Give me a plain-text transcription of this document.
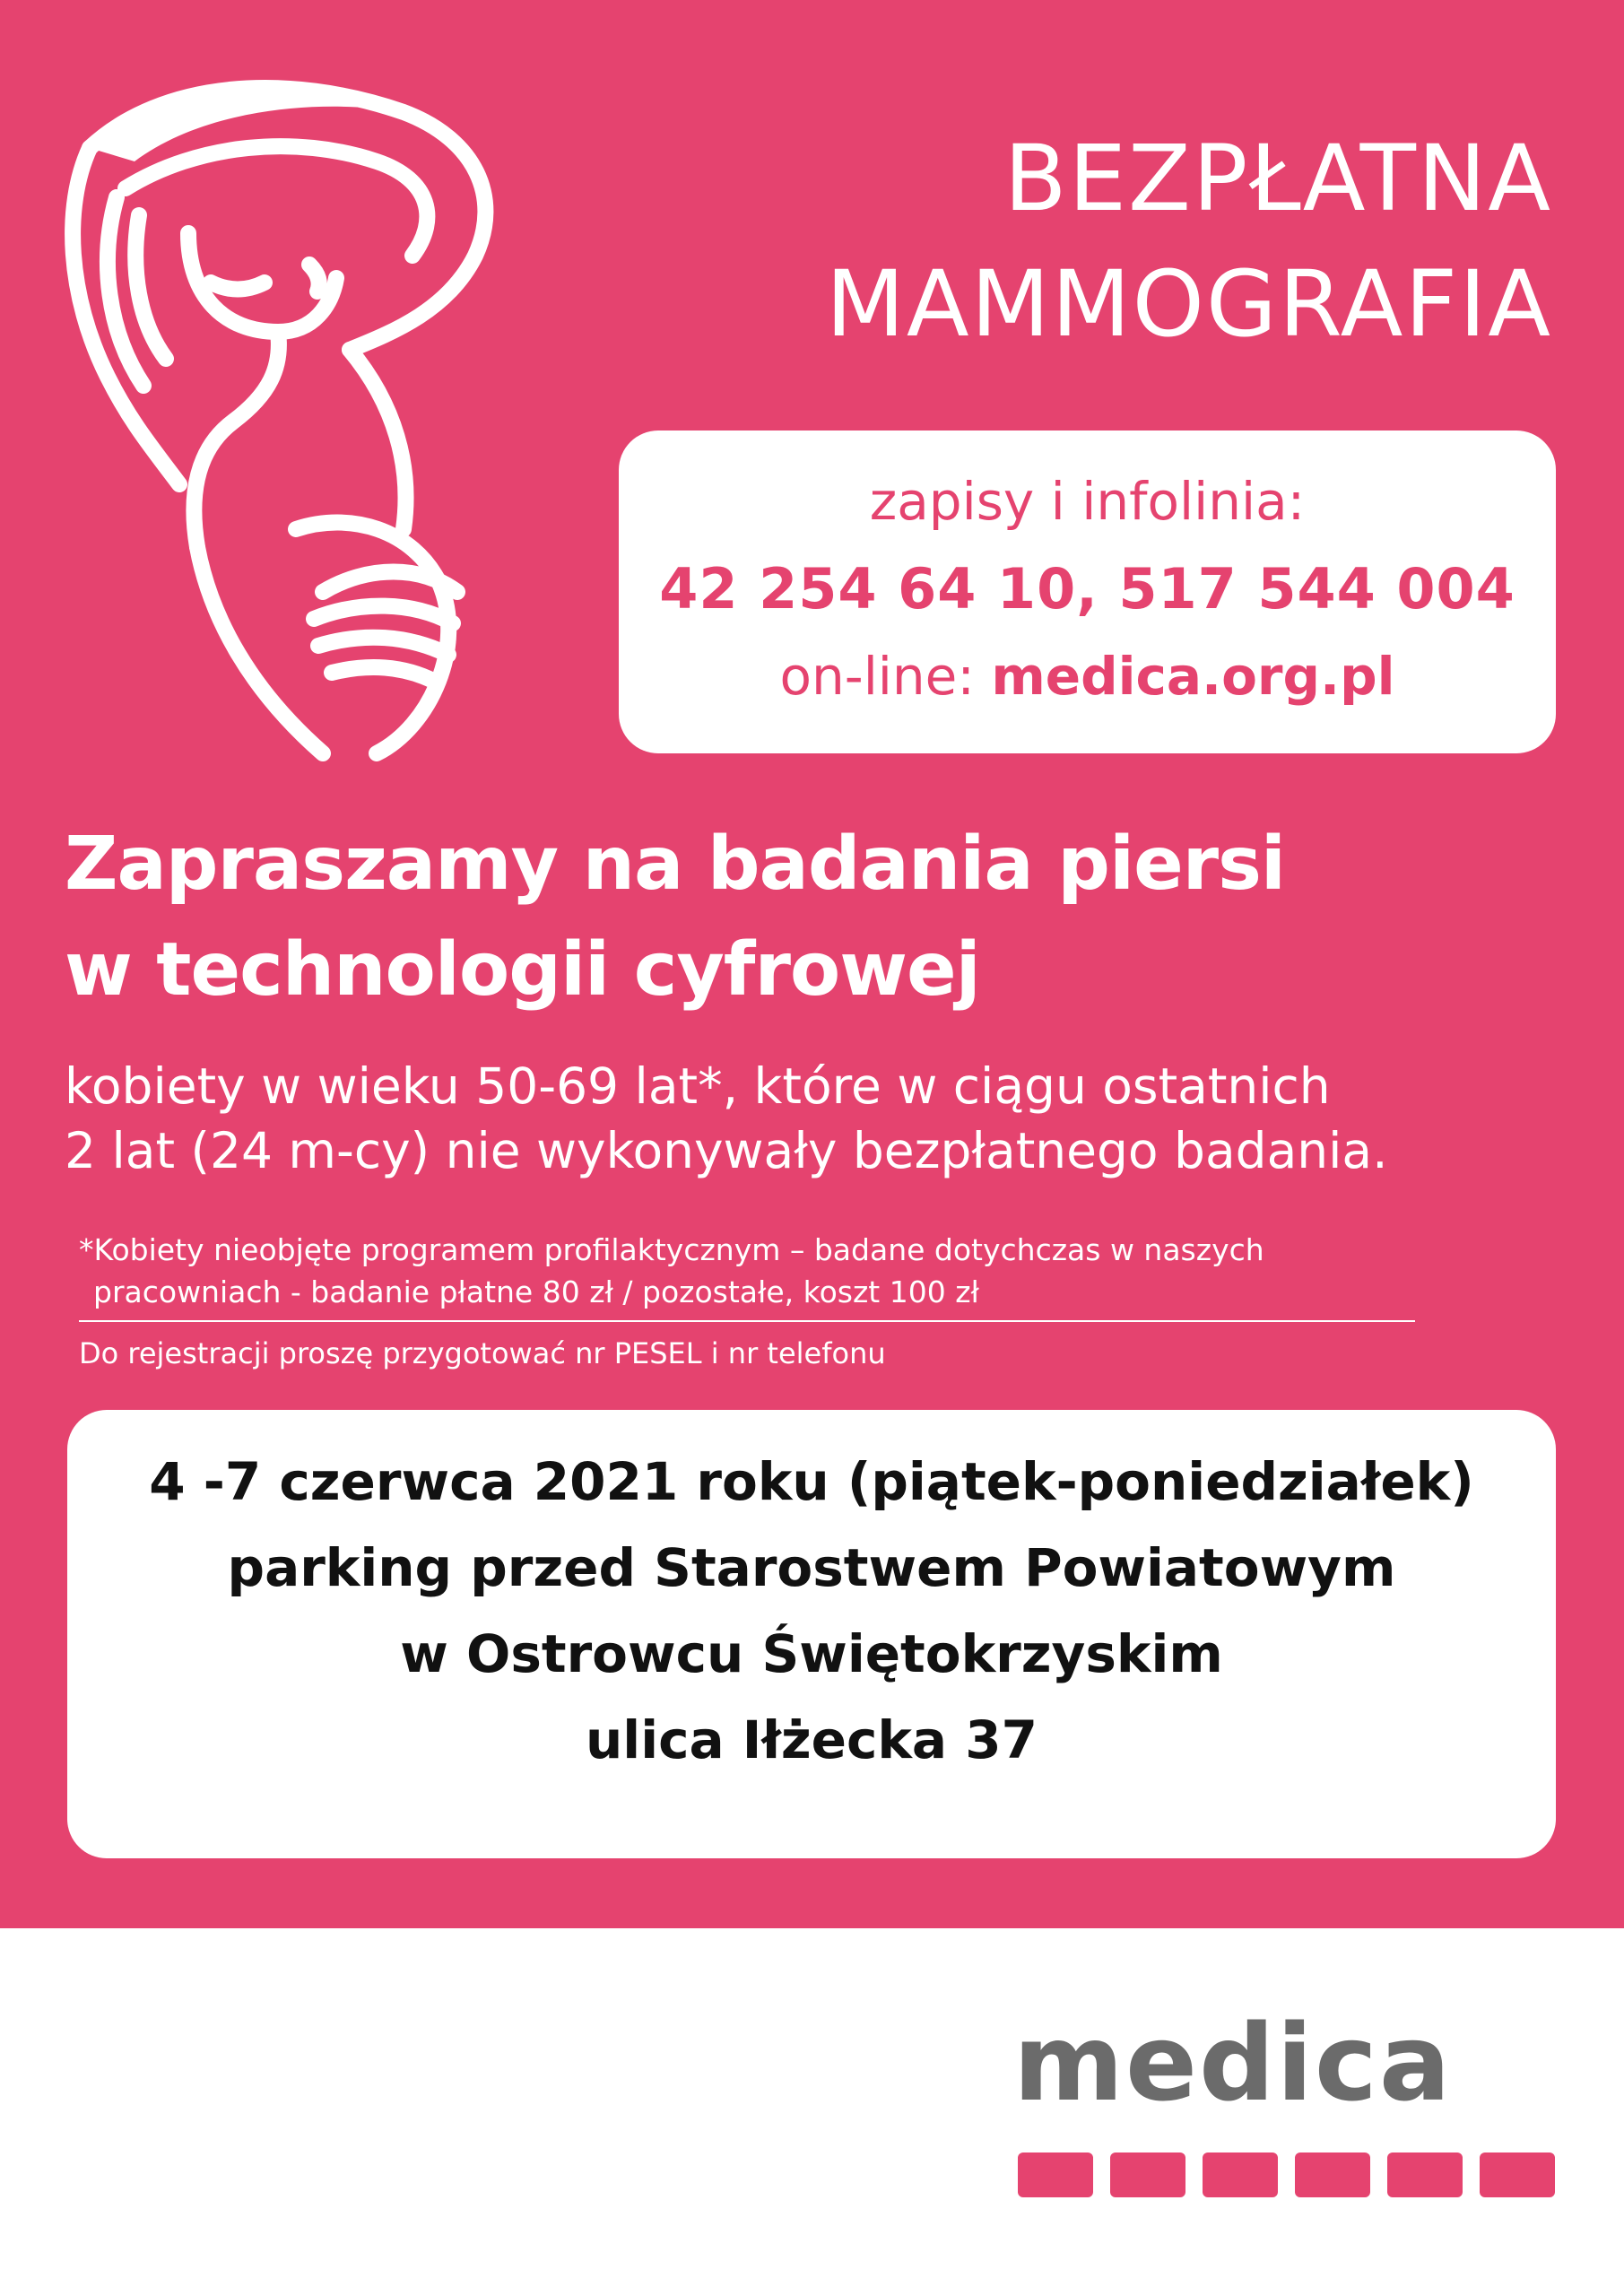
BEZPŁATNA
MAMMOGRAFIA
zapisy i infolinia:
42 254 64 10, 517 544 004
on-line: medica.org.pl
Zapraszamy na badania piersi
w technologii cyfrowej
kobiety w wieku 50-69 lat*, które w ciągu ostatnich
2 lat (24 m-cy) nie wykonywały bezpłatnego badania.
*Kobiety nieobjęte programem profilaktycznym – badane dotychczas w naszych
pracowniach - badanie płatne 80 zł / pozostałe, koszt 100 zł
Do rejestracji proszę przygotować nr PESEL i nr telefonu
4 -7 czerwca 2021 roku (piątek-poniedziałek)
parking przed Starostwem Powiatowym
w Ostrowcu Świętokrzyskim
ulica Iłżecka 37
medica
